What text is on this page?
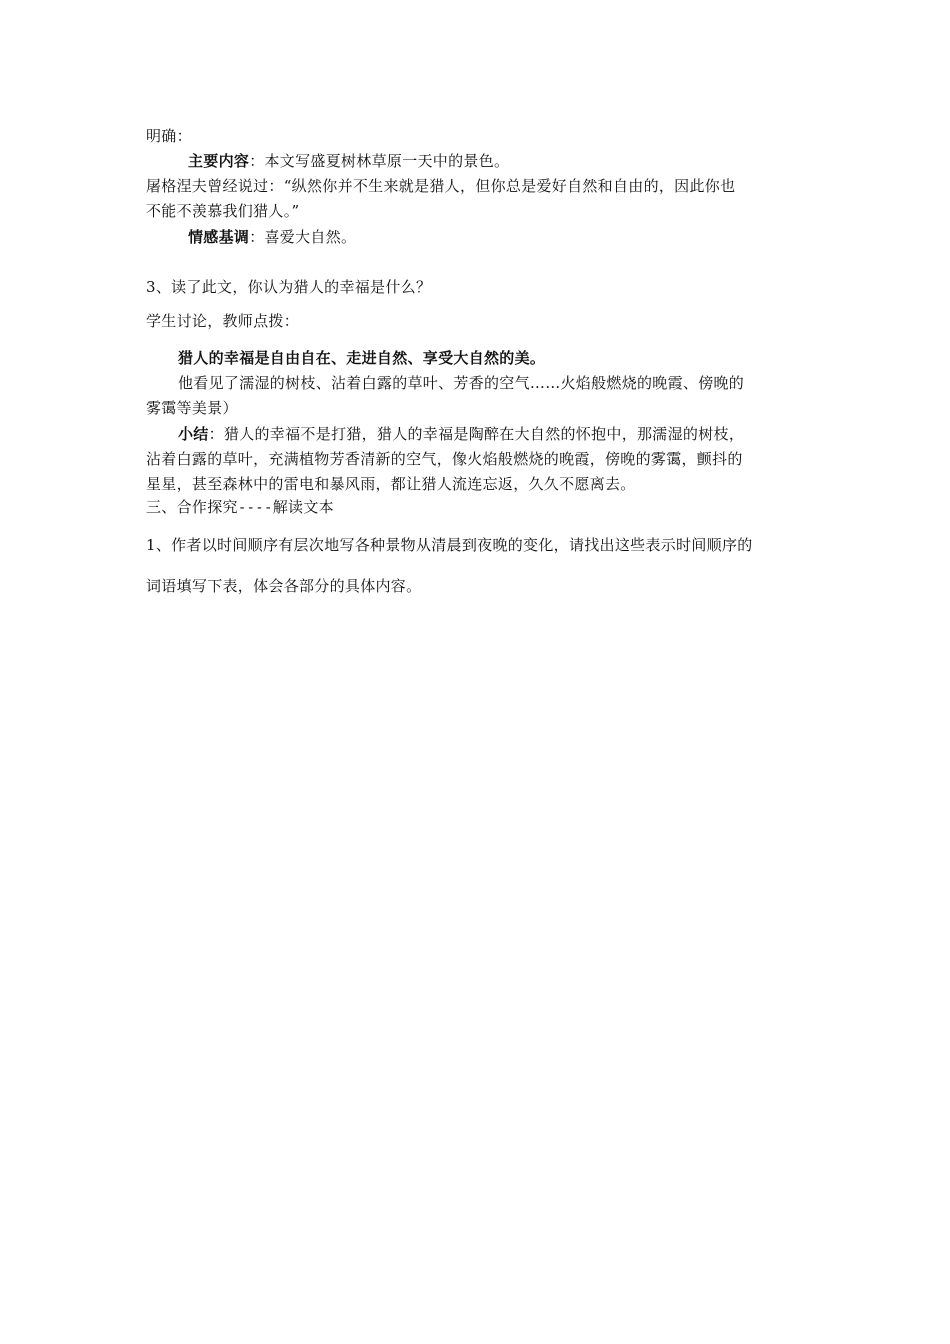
明确：
主要内容：本文写盛夏树林草原一天中的景色。
屠格涅夫曾经说过：“纵然你并不生来就是猎人，但你总是爱好自然和自由的，因此你也
不能不羡慕我们猎人。”
情感基调：喜爱大自然。
3、读了此文，你认为猎人的幸福是什么？
学生讨论，教师点拨：
猎人的幸福是自由自在、走进自然、享受大自然的美。
他看见了濡湿的树枝、沾着白露的草叶、芳香的空气……火焰般燃烧的晚霞、傍晚的
雾霭等美景）
小结：猎人的幸福不是打猎，猎人的幸福是陶醉在大自然的怀抱中，那濡湿的树枝，
沾着白露的草叶，充满植物芳香清新的空气，像火焰般燃烧的晚霞，傍晚的雾霭，颤抖的
星星，甚至森林中的雷电和暴风雨，都让猎人流连忘返，久久不愿离去。
三、合作探究----解读文本
1、作者以时间顺序有层次地写各种景物从清晨到夜晚的变化，请找出这些表示时间顺序的
词语填写下表，体会各部分的具体内容。
